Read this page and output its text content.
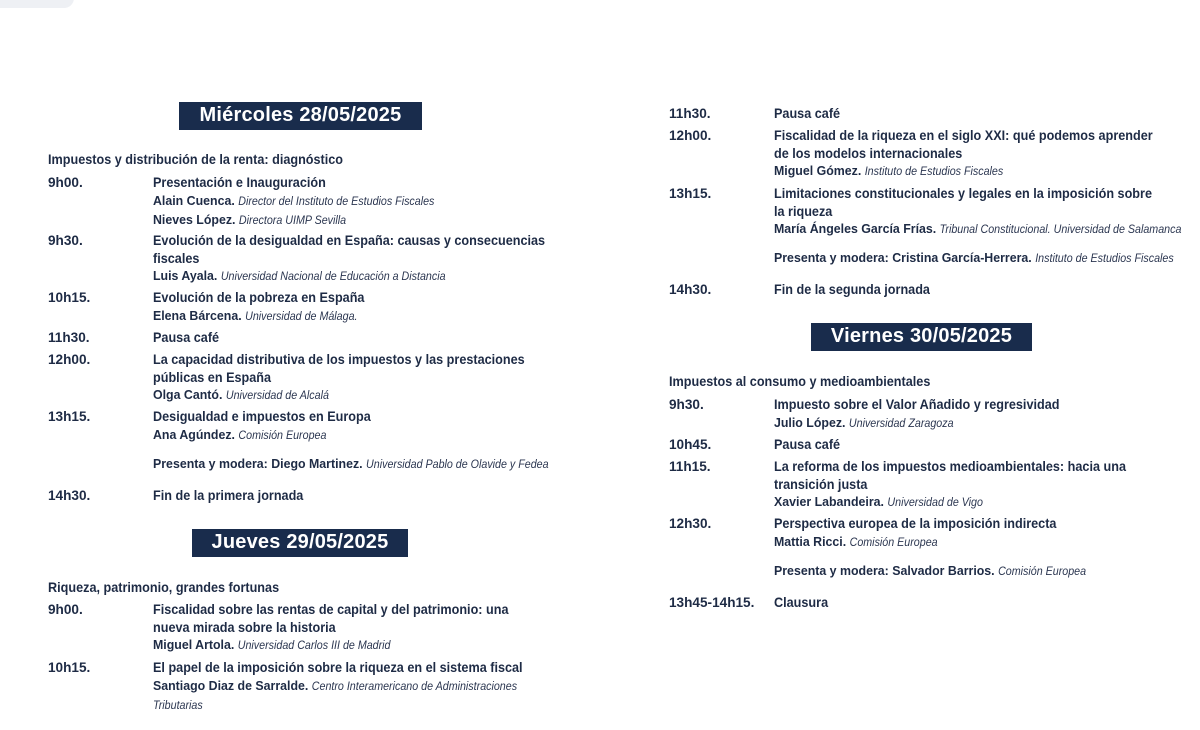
Miércoles 28/05/2025
Impuestos y distribución de la renta: diagnóstico
9h00.	Presentación e Inauguración
Alain Cuenca. Director del Instituto de Estudios Fiscales
Nieves López. Directora UIMP Sevilla
9h30.	Evolución de la desigualdad en España: causas y consecuencias
fiscales
Luis Ayala. Universidad Nacional de Educación a Distancia
10h15.	Evolución de la pobreza en España
Elena Bárcena. Universidad de Málaga.
11h30.	Pausa café
12h00.	La capacidad distributiva de los impuestos y las prestaciones
públicas en España
Olga Cantó. Universidad de Alcalá
13h15.	Desigualdad e impuestos en Europa
Ana Agúndez. Comisión Europea
Presenta y modera: Diego Martinez. Universidad Pablo de Olavide y Fedea
14h30.	Fin de la primera jornada
Jueves 29/05/2025
Riqueza, patrimonio, grandes fortunas
9h00.	Fiscalidad sobre las rentas de capital y del patrimonio: una
nueva mirada sobre la historia
Miguel Artola. Universidad Carlos III de Madrid
10h15.	El papel de la imposición sobre la riqueza en el sistema fiscal
Santiago Diaz de Sarralde. Centro Interamericano de Administraciones
Tributarias
11h30.	Pausa café
12h00.	Fiscalidad de la riqueza en el siglo XXI: qué podemos aprender
de los modelos internacionales
Miguel Gómez. Instituto de Estudios Fiscales
13h15.	Limitaciones constitucionales y legales en la imposición sobre
la riqueza
María Ángeles García Frías. Tribunal Constitucional. Universidad de Salamanca
Presenta y modera: Cristina García-Herrera. Instituto de Estudios Fiscales
14h30.	Fin de la segunda jornada
Viernes 30/05/2025
Impuestos al consumo y medioambientales
9h30.	Impuesto sobre el Valor Añadido y regresividad
Julio López. Universidad Zaragoza
10h45.	Pausa café
11h15.	La reforma de los impuestos medioambientales: hacia una
transición justa
Xavier Labandeira. Universidad de Vigo
12h30.	Perspectiva europea de la imposición indirecta
Mattia Ricci. Comisión Europea
Presenta y modera: Salvador Barrios. Comisión Europea
13h45-14h15. Clausura
